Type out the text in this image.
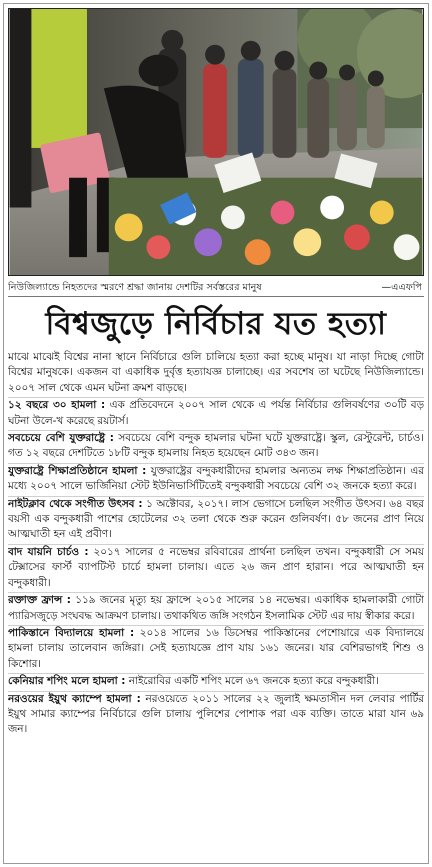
নিউজিল্যান্ডে নিহতদের স্মরণে শ্রদ্ধা জানায় দেশটির সর্বস্তরের মানুষ	—এএফপি
বিশ্বজুড়ে নির্বিচার যত হত্যা

মাঝে মাঝেই বিশ্বের নানা স্থানে নির্বিচারে গুলি চালিয়ে হত্যা করা হচ্ছে মানুষ। যা নাড়া দিচ্ছে গোটা বিশ্বের মানুষকে। একজন বা একাধিক দুর্বৃত্ত হত্যাযজ্ঞ চালাচ্ছে। এর সবশেষ তা ঘটেছে নিউজিল্যান্ডে। ২০০৭ সাল থেকে এমন ঘটনা ক্রমশ বাড়ছে।

১২ বছরে ৩০ হামলা : এক প্রতিবেদনে ২০০৭ সাল থেকে এ পর্যন্ত নির্বিচার গুলিবর্ষণের ৩০টি বড় ঘটনা উলে-খ করেছে রয়টার্স।

সবচেয়ে বেশি যুক্তরাষ্ট্রে : সবচেয়ে বেশি বন্দুক হামলার ঘটনা ঘটে যুক্তরাষ্ট্রে। স্কুল, রেস্টুরেন্ট, চার্চও। গত ১২ বছরে দেশটিতে ১৮টি বন্দুক হামলায় নিহত হয়েছেন মোট ৩৪৩ জন।

যুক্তরাষ্ট্রে শিক্ষাপ্রতিষ্ঠানে হামলা : যুক্তরাষ্ট্রের বন্দুকধারীদের হামলার অন্যতম লক্ষ শিক্ষাপ্রতিষ্ঠান। এর মধ্যে ২০০৭ সালে ভার্জিনিয়া স্টেট ইউনিভার্সিটিতেই বন্দুকধারী সবচেয়ে বেশি ৩২ জনকে হত্যা করে।

নাইটক্লাব থেকে সংগীত উৎসব : ১ অক্টোবর, ২০১৭। লাস ভেগাসে চলছিল সংগীত উৎসব। ৬৪ বছর বয়সী এক বন্দুকধারী পাশের হোটেলের ৩২ তলা থেকে শুরু করেন গুলিবর্ষণ। ৫৮ জনের প্রাণ নিয়ে আত্মঘাতী হন এই প্রবীণ।

বাদ যায়নি চার্চও : ২০১৭ সালের ৫ নভেম্বর রবিবারের প্রার্থনা চলছিল তখন। বন্দুকধারী সে সময় টেক্সাসের ফার্স্ট ব্যাপটিস্ট চার্চে হামলা চালায়। এতে ২৬ জন প্রাণ হারান। পরে আত্মঘাতী হন বন্দুকধারী।

রক্তাক্ত ফ্রান্স : ১১৯ জনের মৃত্যু হয় ফ্রান্সে ২০১৫ সালের ১৪ নভেম্বর। একাধিক হামলাকারী গোটা প্যারিসজুড়ে সংঘবদ্ধ আক্রমণ চালায়। তথাকথিত জঙ্গি সংগঠন ইসলামিক স্টেট এর দায় স্বীকার করে।

পাকিস্তানে বিদ্যালয়ে হামলা : ২০১৪ সালের ১৬ ডিসেম্বর পাকিস্তানের পেশোয়ারে এক বিদ্যালয়ে হামলা চালায় তালেবান জঙ্গিরা। সেই হত্যাযজ্ঞে প্রাণ যায় ১৬১ জনের। যার বেশিরভাগই শিশু ও কিশোর।

কেনিয়ার শপিং মলে হামলা : নাইরোবির একটি শপিং মলে ৬৭ জনকে হত্যা করে বন্দুকধারী।

নরওয়ের ইয়ুথ ক্যাম্পে হামলা : নরওয়েতে ২০১১ সালের ২২ জুলাই ক্ষমতাসীন দল লেবার পার্টির ইয়ুথ সামার ক্যাম্পের নির্বিচারে গুলি চালায় পুলিশের পোশাক পরা এক ব্যক্তি। তাতে মারা যান ৬৯ জন।
